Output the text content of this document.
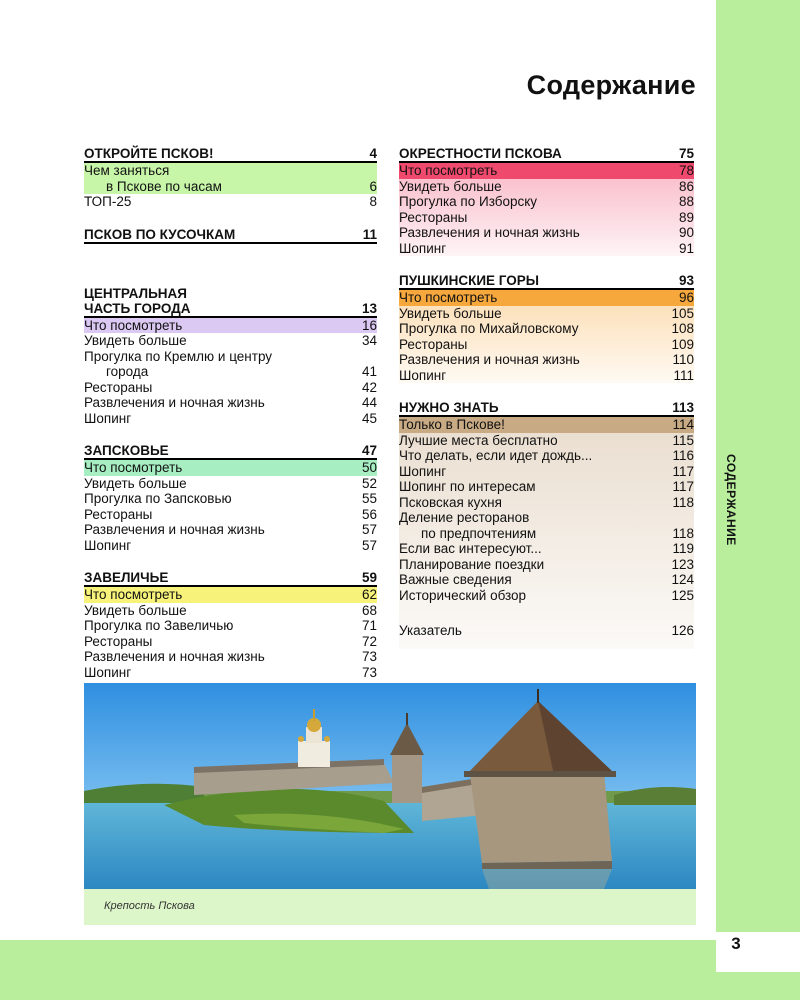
3
СОДЕРЖАНИЕ
Содержание
ОТКРОЙТЕ ПСКОВ!	4
Чем заняться
в Пскове по часам	6
ТОП-25	8
ПСКОВ ПО КУСОЧКАМ	11
ЦЕНТРАЛЬНАЯ
ЧАСТЬ ГОРОДА	13
Что посмотреть	16
Увидеть больше	34
Прогулка по Кремлю и центру
города	41
Рестораны	42
Развлечения и ночная жизнь	44
Шопинг	45
ЗАПСКОВЬЕ	47
Что посмотреть	50
Увидеть больше	52
Прогулка по Запсковью	55
Рестораны	56
Развлечения и ночная жизнь	57
Шопинг	57
ЗАВЕЛИЧЬЕ	59
Что посмотреть	62
Увидеть больше	68
Прогулка по Завеличью	71
Рестораны	72
Развлечения и ночная жизнь	73
Шопинг	73
ОКРЕСТНОСТИ ПСКОВА	75
Что посмотреть	78
Увидеть больше	86
Прогулка по Изборску	88
Рестораны	89
Развлечения и ночная жизнь	90
Шопинг	91
ПУШКИНСКИЕ ГОРЫ	93
Что посмотреть	96
Увидеть больше	105
Прогулка по Михайловскому	108
Рестораны	109
Развлечения и ночная жизнь	110
Шопинг	111
НУЖНО ЗНАТЬ	113
Только в Пскове!	114
Лучшие места бесплатно	115
Что делать, если идет дождь...	116
Шопинг	117
Шопинг по интересам	117
Псковская кухня	118
Деление ресторанов
по предпочтениям	118
Если вас интересуют...	119
Планирование поездки	123
Важные сведения	124
Исторический обзор	125
Указатель	126
Крепость Пскова
